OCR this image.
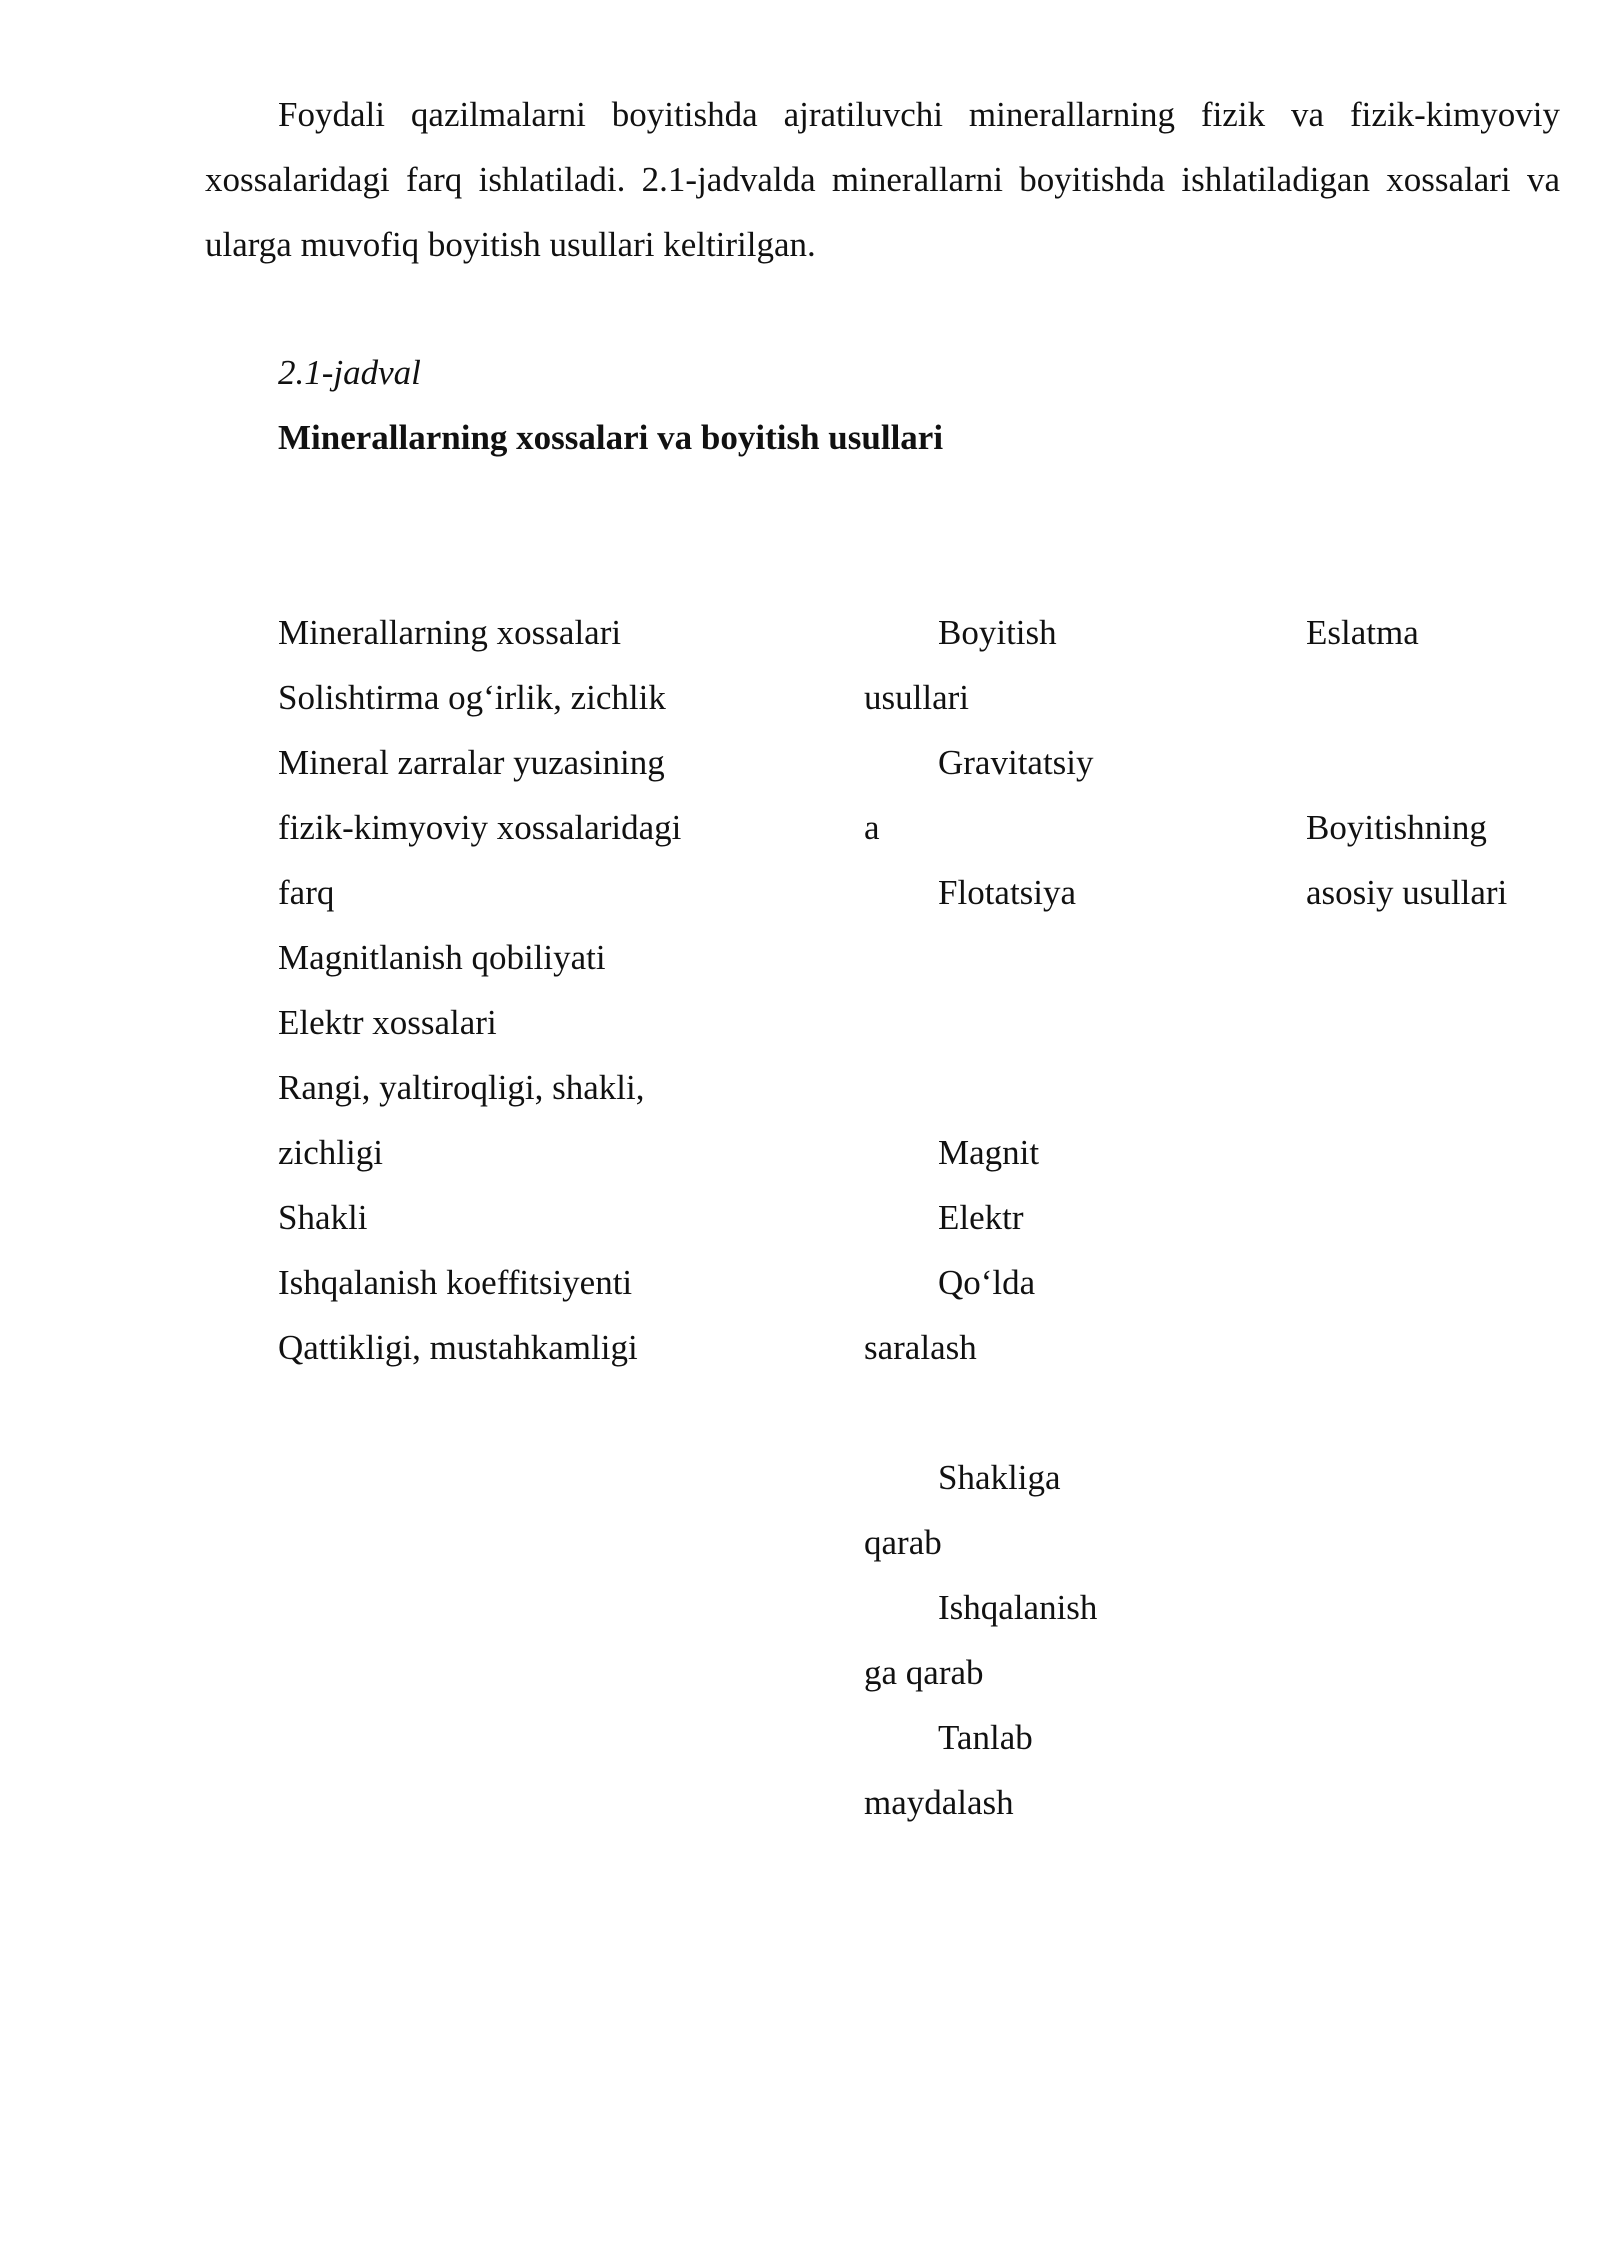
Foydali qazilmalarni boyitishda ajratiluvchi minerallarning fizik va fizik-kimyoviy xossalaridagi farq ishlatiladi. 2.1-jadvalda minerallarni boyitishda ishlatiladigan xossalari va ularga muvofiq boyitish usullari keltirilgan.

2.1-jadval

Minerallarning xossalari va boyitish usullari

Minerallarning xossalari
Solishtirma og‘irlik, zichlik
Mineral zarralar yuzasining
fizik-kimyoviy xossalaridagi
farq
Magnitlanish qobiliyati
Elektr xossalari
Rangi, yaltiroqligi, shakli,
zichligi
Shakli
Ishqalanish koeffitsiyenti
Qattikligi, mustahkamligi
Boyitish
usullari
Gravitatsiy
a
Flotatsiya
Magnit
Elektr
Qo‘lda
saralash
Shakliga
qarab
Ishqalanish
ga qarab
Tanlab
maydalash
Eslatma
Boyitishning
asosiy usullari
